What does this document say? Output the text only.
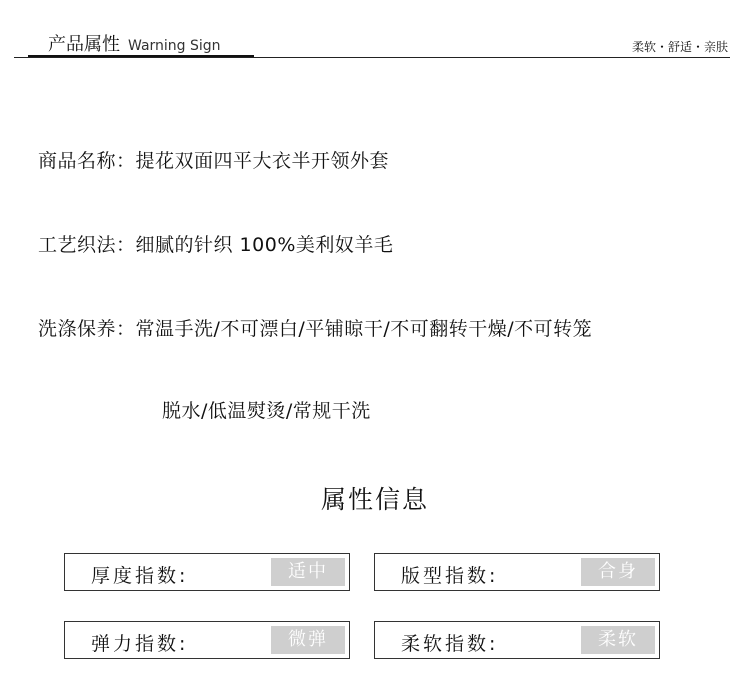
产品属性 Warning Sign	柔软・舒适・亲肤
商品名称：提花双面四平大衣半开领外套
工艺织法：细腻的针织 100%美利奴羊毛
洗涤保养：常温手洗/不可漂白/平铺晾干/不可翻转干燥/不可转笼
脱水/低温熨烫/常规干洗
属性信息
厚度指数:	适中	版型指数:	合身
弹力指数:	微弹	柔软指数:	柔软
